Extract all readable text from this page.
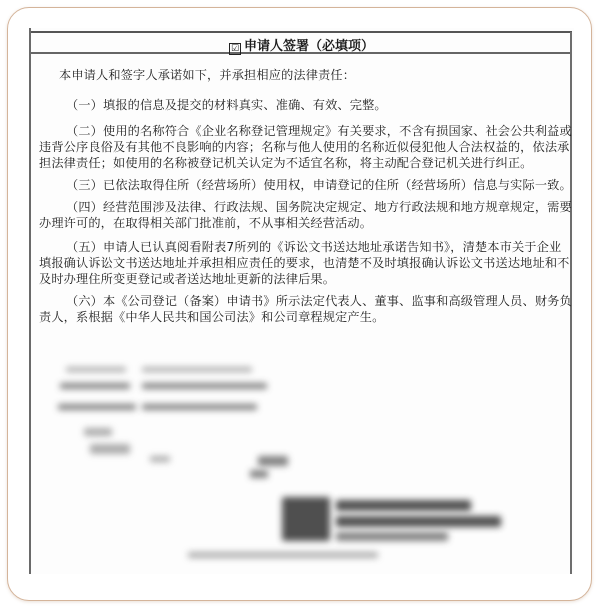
☑ 申请人签署（必填项）
本申请人和签字人承诺如下，并承担相应的法律责任：
（一）填报的信息及提交的材料真实、准确、有效、完整。
（二）使用的名称符合《企业名称登记管理规定》有关要求，不含有损国家、社会公共利益或
违背公序良俗及有其他不良影响的内容；名称与他人使用的名称近似侵犯他人合法权益的，依法承
担法律责任；如使用的名称被登记机关认定为不适宜名称，将主动配合登记机关进行纠正。
（三）已依法取得住所（经营场所）使用权，申请登记的住所（经营场所）信息与实际一致。
（四）经营范围涉及法律、行政法规、国务院决定规定、地方行政法规和地方规章规定，需要
办理许可的，在取得相关部门批准前，不从事相关经营活动。
（五）申请人已认真阅看附表7所列的《诉讼文书送达地址承诺告知书》，清楚本市关于企业
填报确认诉讼文书送达地址并承担相应责任的要求，也清楚不及时填报确认诉讼文书送达地址和不
及时办理住所变更登记或者送达地址更新的法律后果。
（六）本《公司登记（备案）申请书》所示法定代表人、董事、监事和高级管理人员、财务负
责人，系根据《中华人民共和国公司法》和公司章程规定产生。
